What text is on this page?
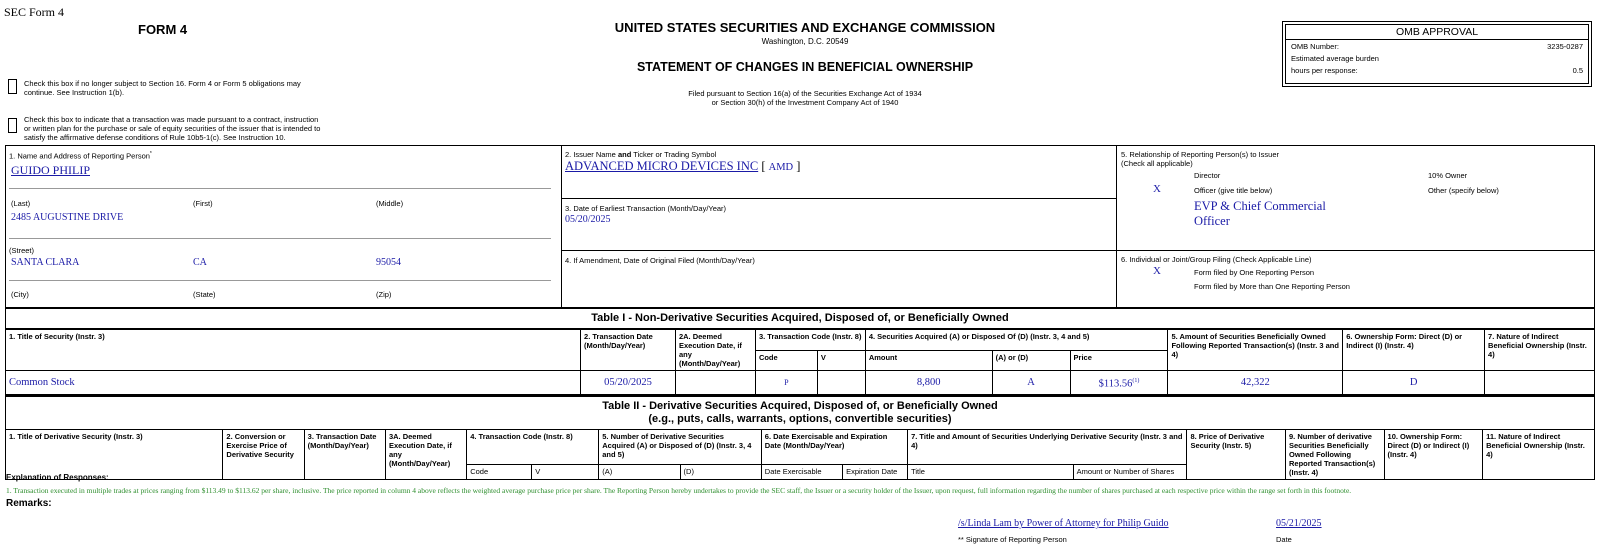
SEC Form 4
FORM 4
Check this box if no longer subject to Section 16. Form 4 or Form 5 obligations may continue. See Instruction 1(b).
Check this box to indicate that a transaction was made pursuant to a contract, instruction or written plan for the purchase or sale of equity securities of the issuer that is intended to satisfy the affirmative defense conditions of Rule 10b5-1(c). See Instruction 10.
UNITED STATES SECURITIES AND EXCHANGE COMMISSION
Washington, D.C. 20549
STATEMENT OF CHANGES IN BENEFICIAL OWNERSHIP
Filed pursuant to Section 16(a) of the Securities Exchange Act of 1934
or Section 30(h) of the Investment Company Act of 1940
OMB APPROVAL
OMB Number:	3235-0287
Estimated average burden
hours per response:	0.5
1. Name and Address of Reporting Person*
GUIDO PHILIP
(Last)	(First)	(Middle)
2485 AUGUSTINE DRIVE
(Street)
SANTA CLARA	CA	95054
(City)	(State)	(Zip)
2. Issuer Name and Ticker or Trading Symbol
ADVANCED MICRO DEVICES INC [ AMD ]
3. Date of Earliest Transaction (Month/Day/Year)
05/20/2025
4. If Amendment, Date of Original Filed (Month/Day/Year)
5. Relationship of Reporting Person(s) to Issuer
(Check all applicable)
Director	10% Owner
X	Officer (give title below)	Other (specify below)
EVP & Chief Commercial
Officer
6. Individual or Joint/Group Filing (Check Applicable Line)
X	Form filed by One Reporting Person
Form filed by More than One Reporting Person
Table I - Non-Derivative Securities Acquired, Disposed of, or Beneficially Owned										
1. Title of Security (Instr. 3)	2. Transaction Date (Month/Day/Year)	2A. Deemed Execution Date, if any (Month/Day/Year)	3. Transaction Code (Instr. 8)		4. Securities Acquired (A) or Disposed Of (D) (Instr. 3, 4 and 5)			5. Amount of Securities Beneficially Owned Following Reported Transaction(s) (Instr. 3 and 4)	6. Ownership Form: Direct (D) or Indirect (I) (Instr. 4)	7. Nature of Indirect Beneficial Ownership (Instr. 4)
			Code	V	Amount	(A) or (D)	Price			
Common Stock	05/20/2025		P		8,800	A	$113.56$^{(1)}$	42,322	D	
Table II - Derivative Securities Acquired, Disposed of, or Beneficially Owned
(e.g., puts, calls, warrants, options, convertible securities)															

1. Title of Derivative Security (Instr. 3)	2. Conversion or Exercise Price of Derivative Security	3. Transaction Date (Month/Day/Year)	3A. Deemed Execution Date, if any (Month/Day/Year)	4. Transaction Code (Instr. 8)		5. Number of Derivative Securities Acquired (A) or Disposed of (D) (Instr. 3, 4 and 5)		6. Date Exercisable and Expiration Date (Month/Day/Year)		7. Title and Amount of Securities Underlying Derivative Security (Instr. 3 and 4)		8. Price of Derivative Security (Instr. 5)	9. Number of derivative Securities Beneficially Owned Following Reported Transaction(s) (Instr. 4)	10. Ownership Form: Direct (D) or Indirect (I) (Instr. 4)	11. Nature of Indirect Beneficial Ownership (Instr. 4)
				Code	V	(A)	(D)	Date Exercisable	Expiration Date	Title	Amount or Number of Shares				
Explanation of Responses:
1. Transaction executed in multiple trades at prices ranging from $113.49 to $113.62 per share, inclusive. The price reported in column 4 above reflects the weighted average purchase price per share. The Reporting Person hereby undertakes to provide the SEC staff, the Issuer or a security holder of the Issuer, upon request, full information regarding the number of shares purchased at each respective price within the range set forth in this footnote.
Remarks:
/s/Linda Lam by Power of Attorney for Philip Guido
** Signature of Reporting Person
05/21/2025
Date
